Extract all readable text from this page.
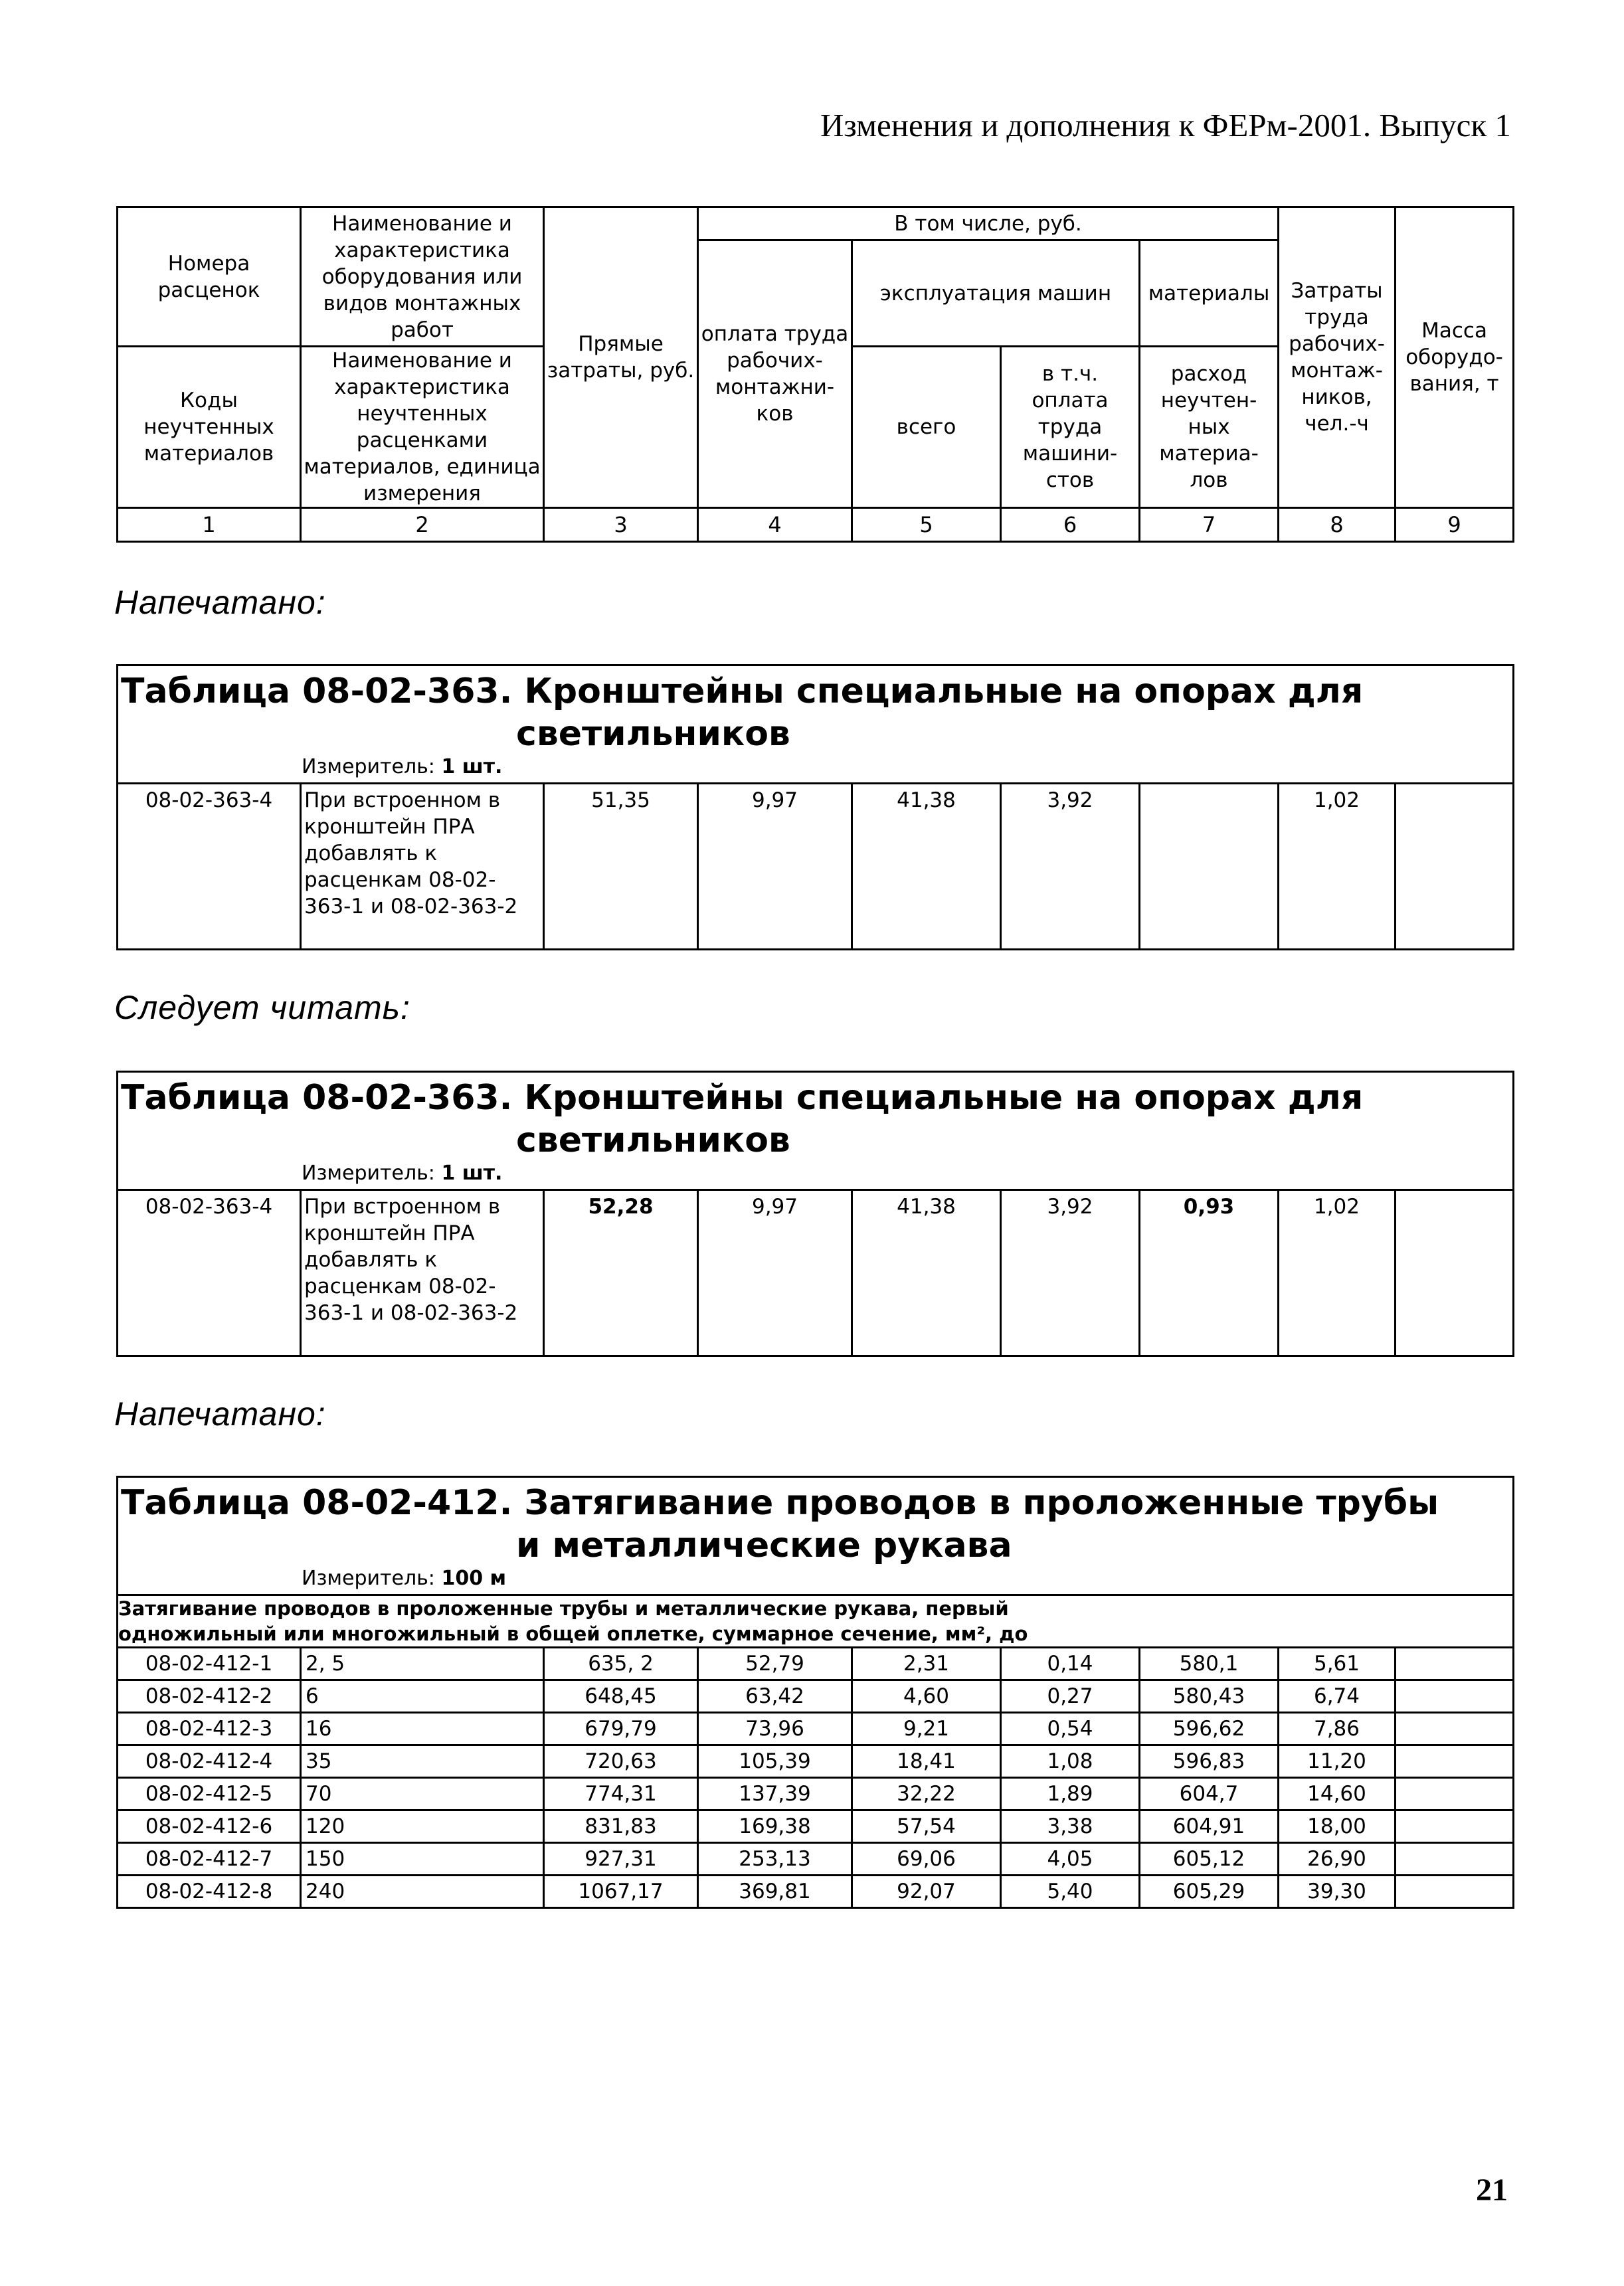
Изменения и дополнения к ФЕРм-2001. Выпуск 1
Номера расценок	Наименование и характеристика оборудования или видов монтажных работ	Прямые затраты, руб.	В том числе, руб.				Затраты труда рабочих-монтаж-ников, чел.-ч	Масса оборудо-вания, т
			оплата труда рабочих-монтажни-ков	эксплуатация машин		материалы		
Коды неучтенных материалов	Наименование и характеристика неучтенных расценками материалов, единица измерения			всего	в т.ч. оплата труда машини-стов	расход неучтен-ных материа-лов		

1	2	3	4	5	6	7	8	9
Напечатано:
Таблица 08-02-363. Кронштейны специальные на опорах для
светильников
Измеритель: 1 шт.

08-02-363-4	При встроенном в кронштейн ПРА добавлять к расценкам 08-02-363-1 и 08-02-363-2	51,35	9,97	41,38	3,92		1,02	
Следует читать:
Таблица 08-02-363. Кронштейны специальные на опорах для
светильников
Измеритель: 1 шт.

08-02-363-4	При встроенном в кронштейн ПРА добавлять к расценкам 08-02-363-1 и 08-02-363-2	52,28	9,97	41,38	3,92	0,93	1,02	
Напечатано:
Таблица 08-02-412. Затягивание проводов в проложенные трубы
и металлические рукава
Измеритель: 100 м								

Затягивание проводов в проложенные трубы и металлические рукава, первый
одножильный или многожильный в общей оплетке, суммарное сечение, мм², до								

08-02-412-1	2, 5	635, 2	52,79	2,31	0,14	580,1	5,61	
08-02-412-2	6	648,45	63,42	4,60	0,27	580,43	6,74	
08-02-412-3	16	679,79	73,96	9,21	0,54	596,62	7,86	
08-02-412-4	35	720,63	105,39	18,41	1,08	596,83	11,20	
08-02-412-5	70	774,31	137,39	32,22	1,89	604,7	14,60	
08-02-412-6	120	831,83	169,38	57,54	3,38	604,91	18,00	
08-02-412-7	150	927,31	253,13	69,06	4,05	605,12	26,90	
08-02-412-8	240	1067,17	369,81	92,07	5,40	605,29	39,30	
21
